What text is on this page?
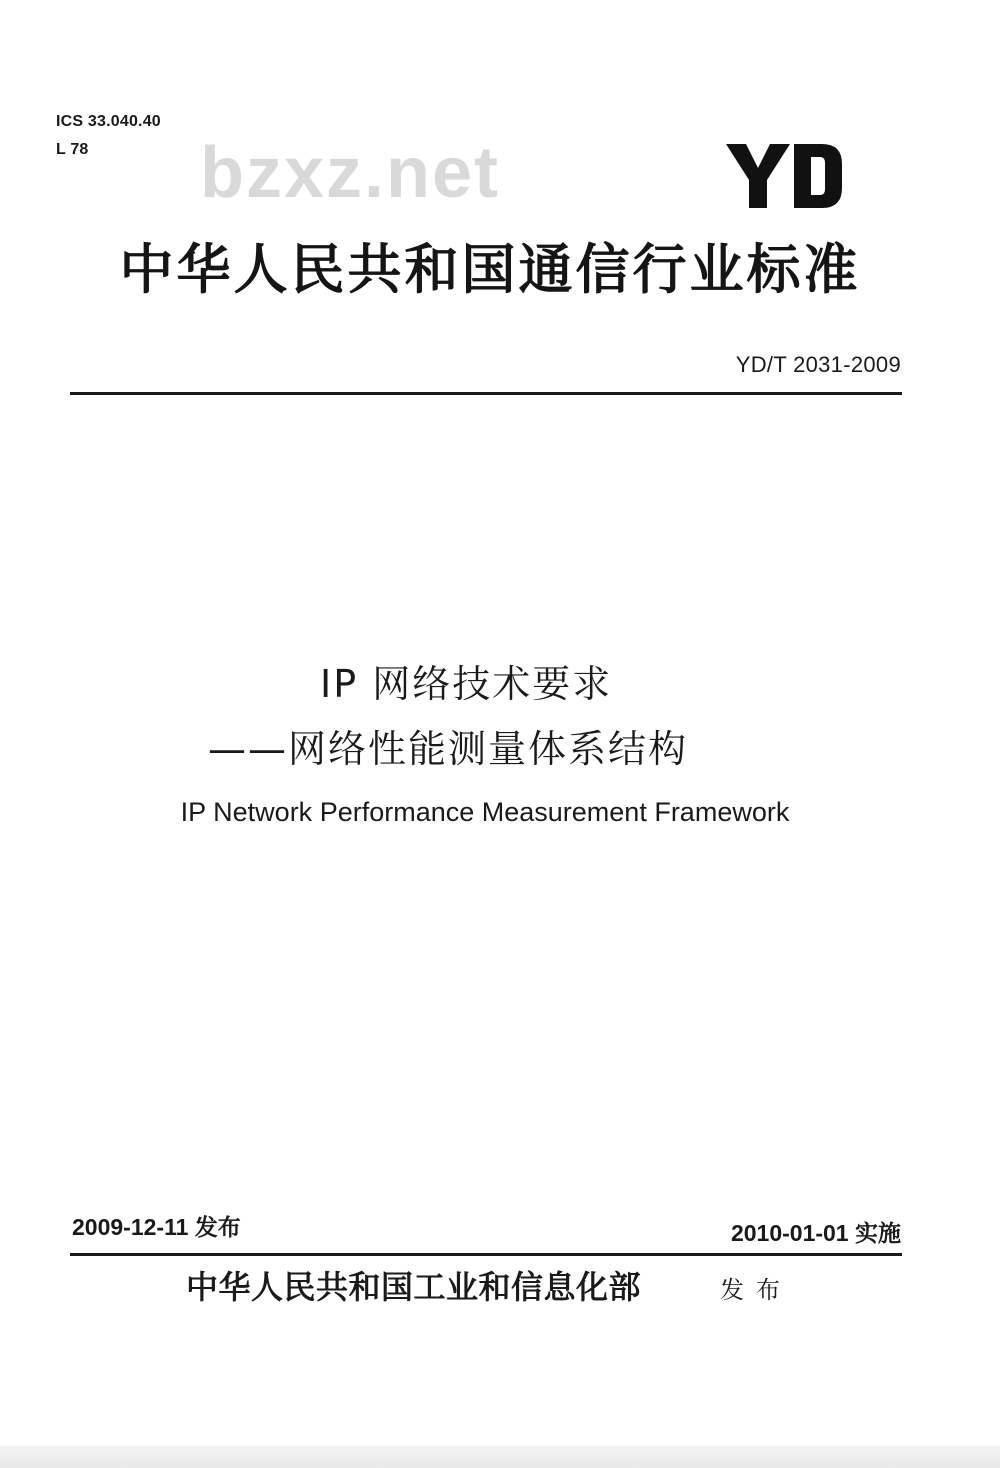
ICS 33.040.40
L 78	bzxz.net
中华人民共和国通信行业标准
YD/T 2031-2009
IP 网络技术要求
——网络性能测量体系结构
IP Network Performance Measurement Framework
2009-12-11 发布	2010-01-01 实施
中华人民共和国工业和信息化部	发布
